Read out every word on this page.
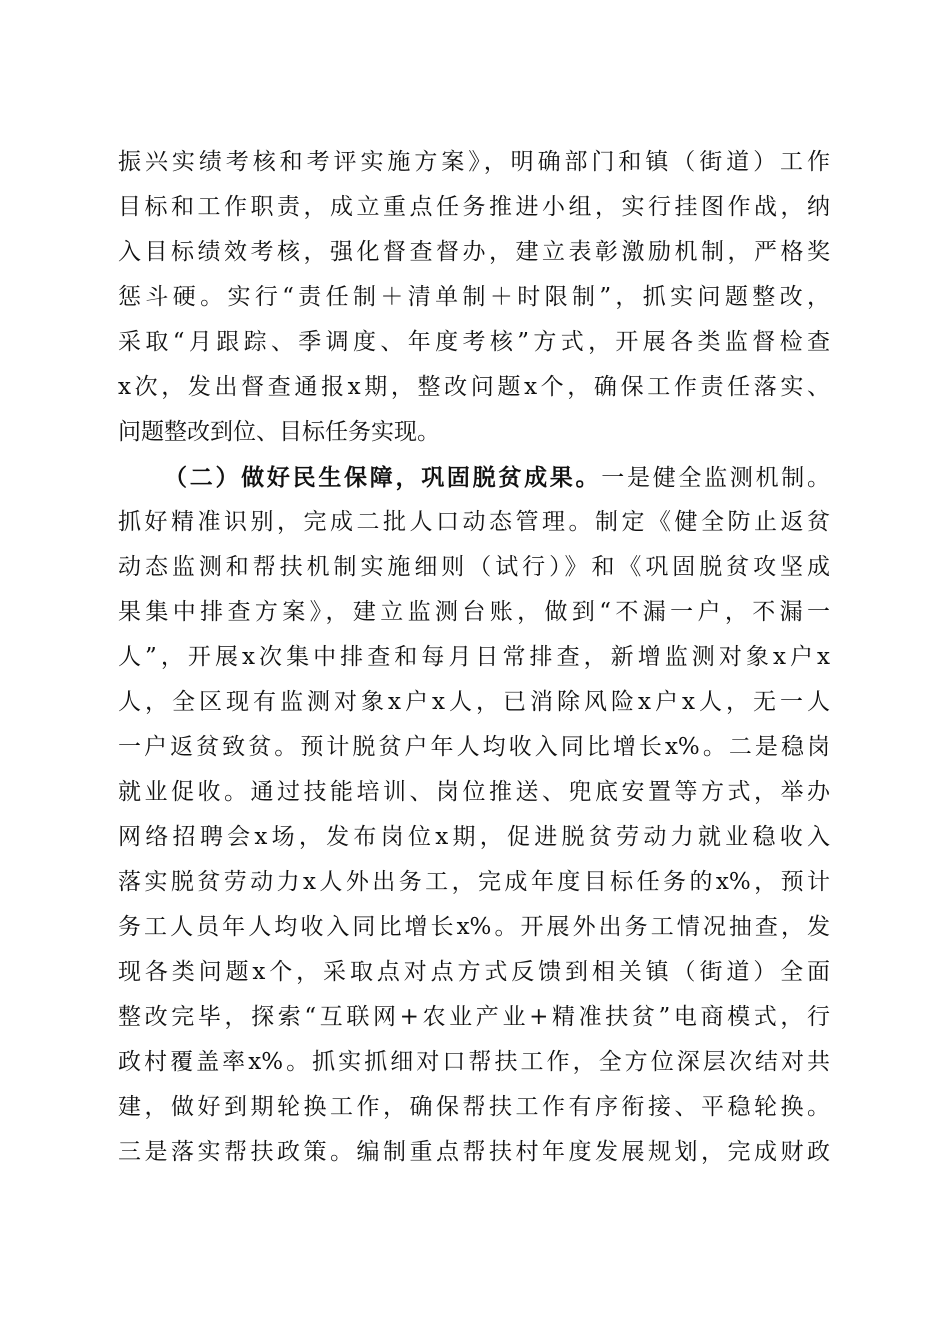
振兴实绩考核和考评实施方案》，明确部门和镇（街道）工作
目标和工作职责，成立重点任务推进小组，实行挂图作战，纳
入目标绩效考核，强化督查督办，建立表彰激励机制，严格奖
惩斗硬。实行“责任制＋清单制＋时限制”，抓实问题整改，
采取“月跟踪、季调度、年度考核”方式，开展各类监督检查
x次，发出督查通报x期，整改问题x个，确保工作责任落实、
问题整改到位、目标任务实现。
（二）做好民生保障，巩固脱贫成果。一是健全监测机制。
抓好精准识别，完成二批人口动态管理。制定《健全防止返贫
动态监测和帮扶机制实施细则（试行）》和《巩固脱贫攻坚成
果集中排查方案》，建立监测台账，做到“不漏一户，不漏一
人”，开展x次集中排查和每月日常排查，新增监测对象x户x
人，全区现有监测对象x户x人，已消除风险x户x人，无一人
一户返贫致贫。预计脱贫户年人均收入同比增长x%。二是稳岗
就业促收。通过技能培训、岗位推送、兜底安置等方式，举办
网络招聘会x场，发布岗位x期，促进脱贫劳动力就业稳收入
落实脱贫劳动力x人外出务工，完成年度目标任务的x%，预计
务工人员年人均收入同比增长x%。开展外出务工情况抽查，发
现各类问题x个，采取点对点方式反馈到相关镇（街道）全面
整改完毕，探索“互联网+农业产业+精准扶贫”电商模式，行
政村覆盖率x%。抓实抓细对口帮扶工作，全方位深层次结对共
建，做好到期轮换工作，确保帮扶工作有序衔接、平稳轮换。
三是落实帮扶政策。编制重点帮扶村年度发展规划，完成财政
